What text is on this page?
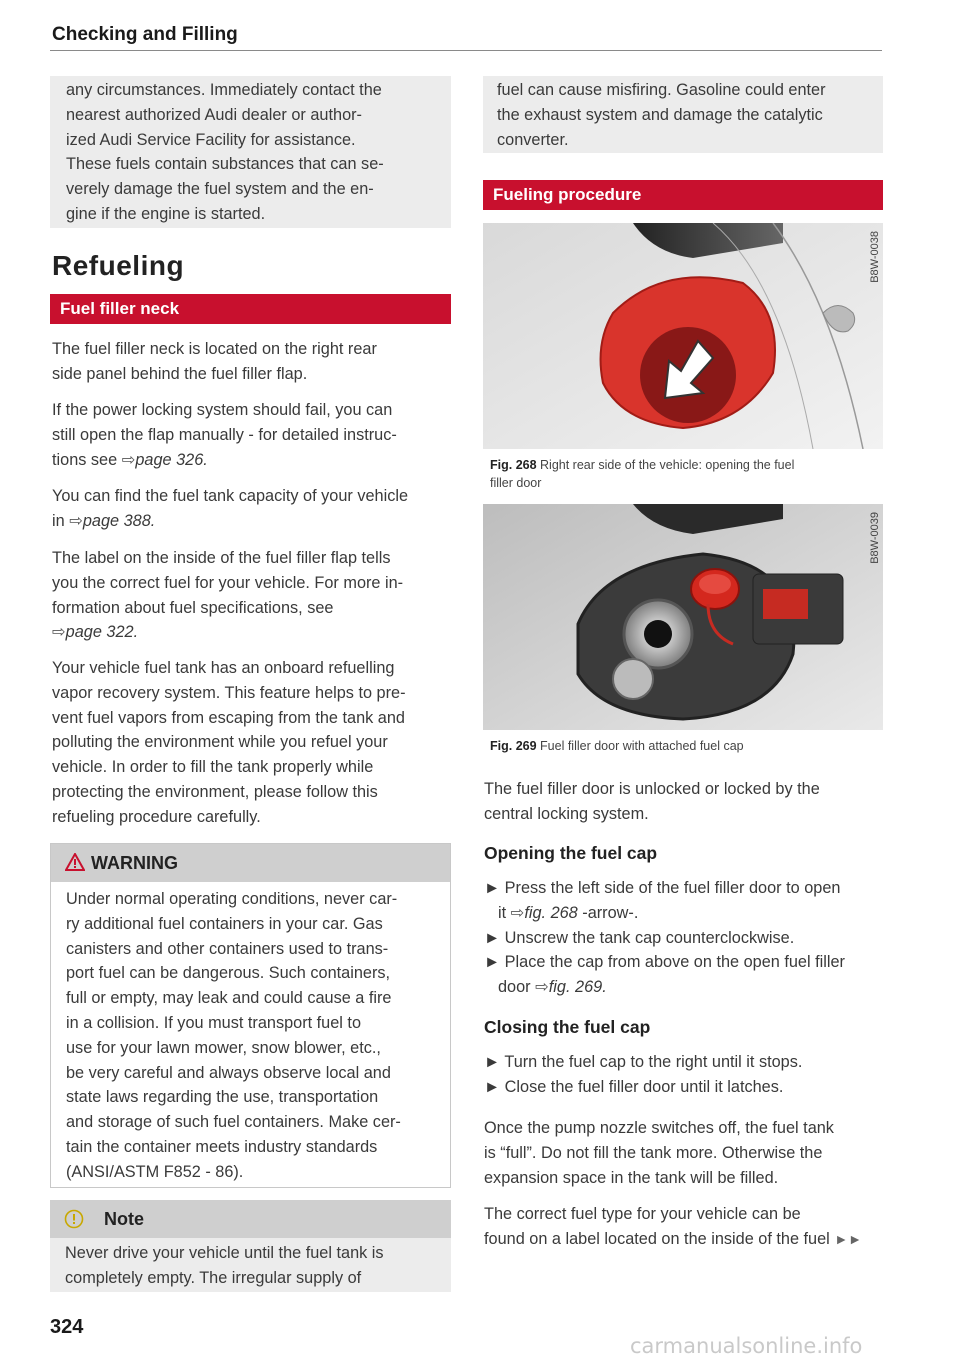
Checking and Filling
any circumstances. Immediately contact the
nearest authorized Audi dealer or author-
ized Audi Service Facility for assistance.
These fuels contain substances that can se-
verely damage the fuel system and the en-
gine if the engine is started.
Refueling
Fuel filler neck
The fuel filler neck is located on the right rear
side panel behind the fuel filler flap.
If the power locking system should fail, you can
still open the flap manually - for detailed instruc-
tions see ⇨page 326.
You can find the fuel tank capacity of your vehicle
in ⇨page 388.
The label on the inside of the fuel filler flap tells
you the correct fuel for your vehicle. For more in-
formation about fuel specifications, see
⇨page 322.
Your vehicle fuel tank has an onboard refuelling
vapor recovery system. This feature helps to pre-
vent fuel vapors from escaping from the tank and
polluting the environment while you refuel your
vehicle. In order to fill the tank properly while
protecting the environment, please follow this
refueling procedure carefully.
WARNING
Under normal operating conditions, never car-
ry additional fuel containers in your car. Gas
canisters and other containers used to trans-
port fuel can be dangerous. Such containers,
full or empty, may leak and could cause a fire
in a collision. If you must transport fuel to
use for your lawn mower, snow blower, etc.,
be very careful and always observe local and
state laws regarding the use, transportation
and storage of such fuel containers. Make cer-
tain the container meets industry standards
(ANSI/ASTM F852 - 86).
Note
Never drive your vehicle until the fuel tank is
completely empty. The irregular supply of
324
fuel can cause misfiring. Gasoline could enter
the exhaust system and damage the catalytic
converter.
Fueling procedure
B8W-0038
Fig. 268 Right rear side of the vehicle: opening the fuel
filler door
B8W-0039
Fig. 269 Fuel filler door with attached fuel cap
The fuel filler door is unlocked or locked by the
central locking system.
Opening the fuel cap
► Press the left side of the fuel filler door to open
it ⇨fig. 268 -arrow-.
► Unscrew the tank cap counterclockwise.
► Place the cap from above on the open fuel filler
door ⇨fig. 269.
Closing the fuel cap
► Turn the fuel cap to the right until it stops.
► Close the fuel filler door until it latches.
Once the pump nozzle switches off, the fuel tank
is “full”. Do not fill the tank more. Otherwise the
expansion space in the tank will be filled.
The correct fuel type for your vehicle can be
found on a label located on the inside of the fuel ►►
carmanualsonline.info
